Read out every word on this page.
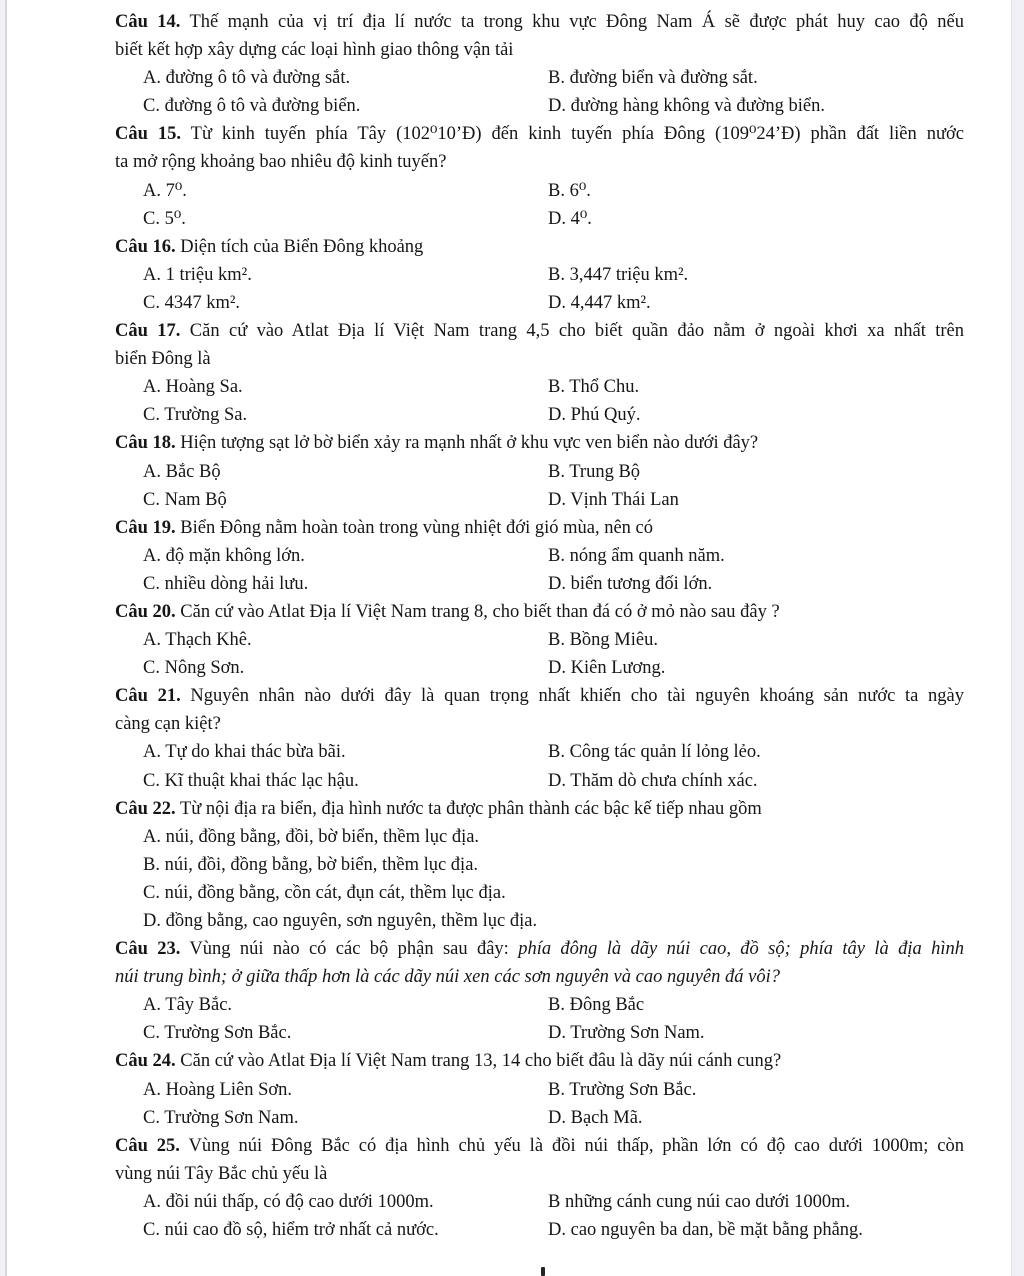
Câu 14. Thế mạnh của vị trí địa lí nước ta trong khu vực Đông Nam Á sẽ được phát huy cao độ nếu
biết kết hợp xây dựng các loại hình giao thông vận tải
A. đường ô tô và đường sắt.	B. đường biển và đường sắt.
C. đường ô tô và đường biển.	D. đường hàng không và đường biển.
Câu 15. Từ kinh tuyến phía Tây (102⁰10’Đ) đến kinh tuyến phía Đông (109⁰24’Đ) phần đất liền nước
ta mở rộng khoảng bao nhiêu độ kinh tuyến?
A. 7⁰.	B. 6⁰.
C. 5⁰.	D. 4⁰.
Câu 16. Diện tích của Biển Đông khoảng
A. 1 triệu km².	B. 3,447 triệu km².
C. 4347 km².	D. 4,447 km².
Câu 17. Căn cứ vào Atlat Địa lí Việt Nam trang 4,5 cho biết quần đảo nằm ở ngoài khơi xa nhất trên
biển Đông là
A. Hoàng Sa.	B. Thổ Chu.
C. Trường Sa.	D. Phú Quý.
Câu 18. Hiện tượng sạt lở bờ biển xảy ra mạnh nhất ở khu vực ven biển nào dưới đây?
A. Bắc Bộ	B. Trung Bộ
C. Nam Bộ	D. Vịnh Thái Lan
Câu 19. Biển Đông nằm hoàn toàn trong vùng nhiệt đới gió mùa, nên có
A. độ mặn không lớn.	B. nóng ẩm quanh năm.
C. nhiều dòng hải lưu.	D. biển tương đối lớn.
Câu 20. Căn cứ vào Atlat Địa lí Việt Nam trang 8, cho biết than đá có ở mỏ nào sau đây ?
A. Thạch Khê.	B. Bồng Miêu.
C. Nông Sơn.	D. Kiên Lương.
Câu 21. Nguyên nhân nào dưới đây là quan trọng nhất khiến cho tài nguyên khoáng sản nước ta ngày
càng cạn kiệt?
A. Tự do khai thác bừa bãi.	B. Công tác quản lí lỏng lẻo.
C. Kĩ thuật khai thác lạc hậu.	D. Thăm dò chưa chính xác.
Câu 22. Từ nội địa ra biển, địa hình nước ta được phân thành các bậc kế tiếp nhau gồm
A. núi, đồng bằng, đồi, bờ biển, thềm lục địa.
B. núi, đồi, đồng bằng, bờ biển, thềm lục địa.
C. núi, đồng bằng, cồn cát, đụn cát, thềm lục địa.
D. đồng bằng, cao nguyên, sơn nguyên, thềm lục địa.
Câu 23. Vùng núi nào có các bộ phận sau đây: phía đông là dãy núi cao, đồ sộ; phía tây là địa hình
núi trung bình; ở giữa thấp hơn là các dãy núi xen các sơn nguyên và cao nguyên đá vôi?
A. Tây Bắc.	B. Đông Bắc
C. Trường Sơn Bắc.	D. Trường Sơn Nam.
Câu 24. Căn cứ vào Atlat Địa lí Việt Nam trang 13, 14 cho biết đâu là dãy núi cánh cung?
A. Hoàng Liên Sơn.	B. Trường Sơn Bắc.
C. Trường Sơn Nam.	D. Bạch Mã.
Câu 25. Vùng núi Đông Bắc có địa hình chủ yếu là đồi núi thấp, phần lớn có độ cao dưới 1000m; còn
vùng núi Tây Bắc chủ yếu là
A. đồi núi thấp, có độ cao dưới 1000m.	B những cánh cung núi cao dưới 1000m.
C. núi cao đồ sộ, hiểm trở nhất cả nước.	D. cao nguyên ba dan, bề mặt bằng phẳng.
